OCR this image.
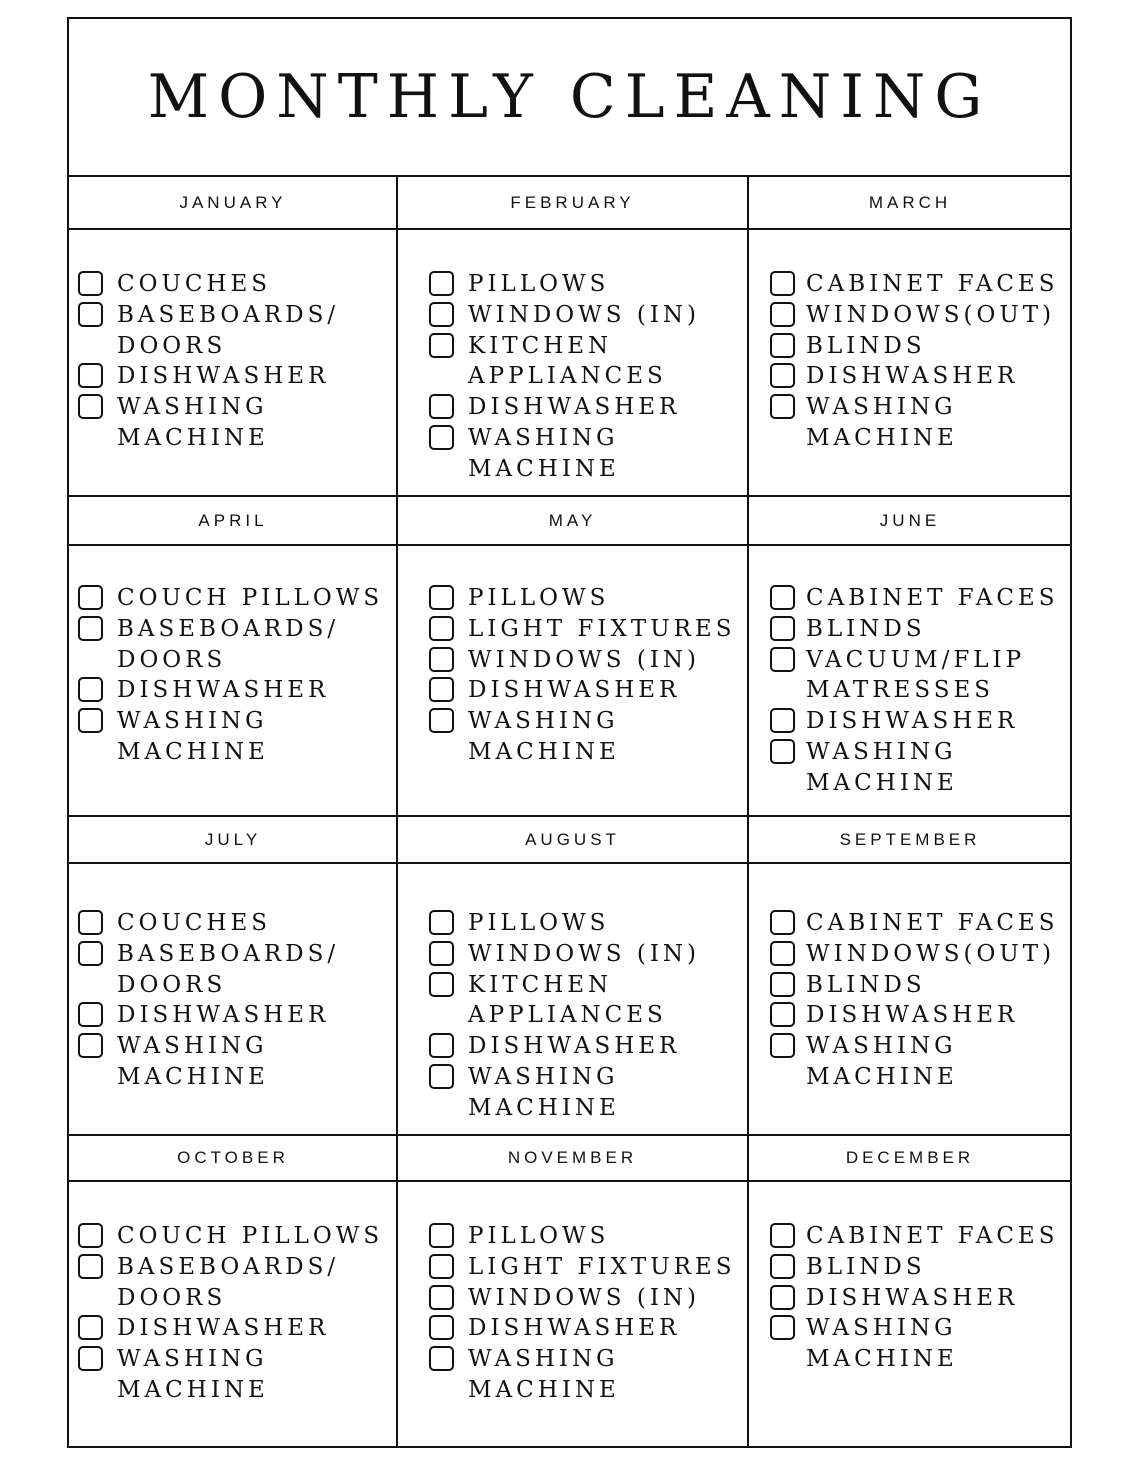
MONTHLY CLEANING
JANUARY
COUCHES
BASEBOARDS/
DOORS
DISHWASHER
WASHING
MACHINE
FEBRUARY
PILLOWS
WINDOWS (IN)
KITCHEN
APPLIANCES
DISHWASHER
WASHING
MACHINE
MARCH
CABINET FACES
WINDOWS(OUT)
BLINDS
DISHWASHER
WASHING
MACHINE
APRIL
COUCH PILLOWS
BASEBOARDS/
DOORS
DISHWASHER
WASHING
MACHINE
MAY
PILLOWS
LIGHT FIXTURES
WINDOWS (IN)
DISHWASHER
WASHING
MACHINE
JUNE
CABINET FACES
BLINDS
VACUUM/FLIP
MATRESSES
DISHWASHER
WASHING
MACHINE
JULY
COUCHES
BASEBOARDS/
DOORS
DISHWASHER
WASHING
MACHINE
AUGUST
PILLOWS
WINDOWS (IN)
KITCHEN
APPLIANCES
DISHWASHER
WASHING
MACHINE
SEPTEMBER
CABINET FACES
WINDOWS(OUT)
BLINDS
DISHWASHER
WASHING
MACHINE
OCTOBER
COUCH PILLOWS
BASEBOARDS/
DOORS
DISHWASHER
WASHING
MACHINE
NOVEMBER
PILLOWS
LIGHT FIXTURES
WINDOWS (IN)
DISHWASHER
WASHING
MACHINE
DECEMBER
CABINET FACES
BLINDS
DISHWASHER
WASHING
MACHINE
